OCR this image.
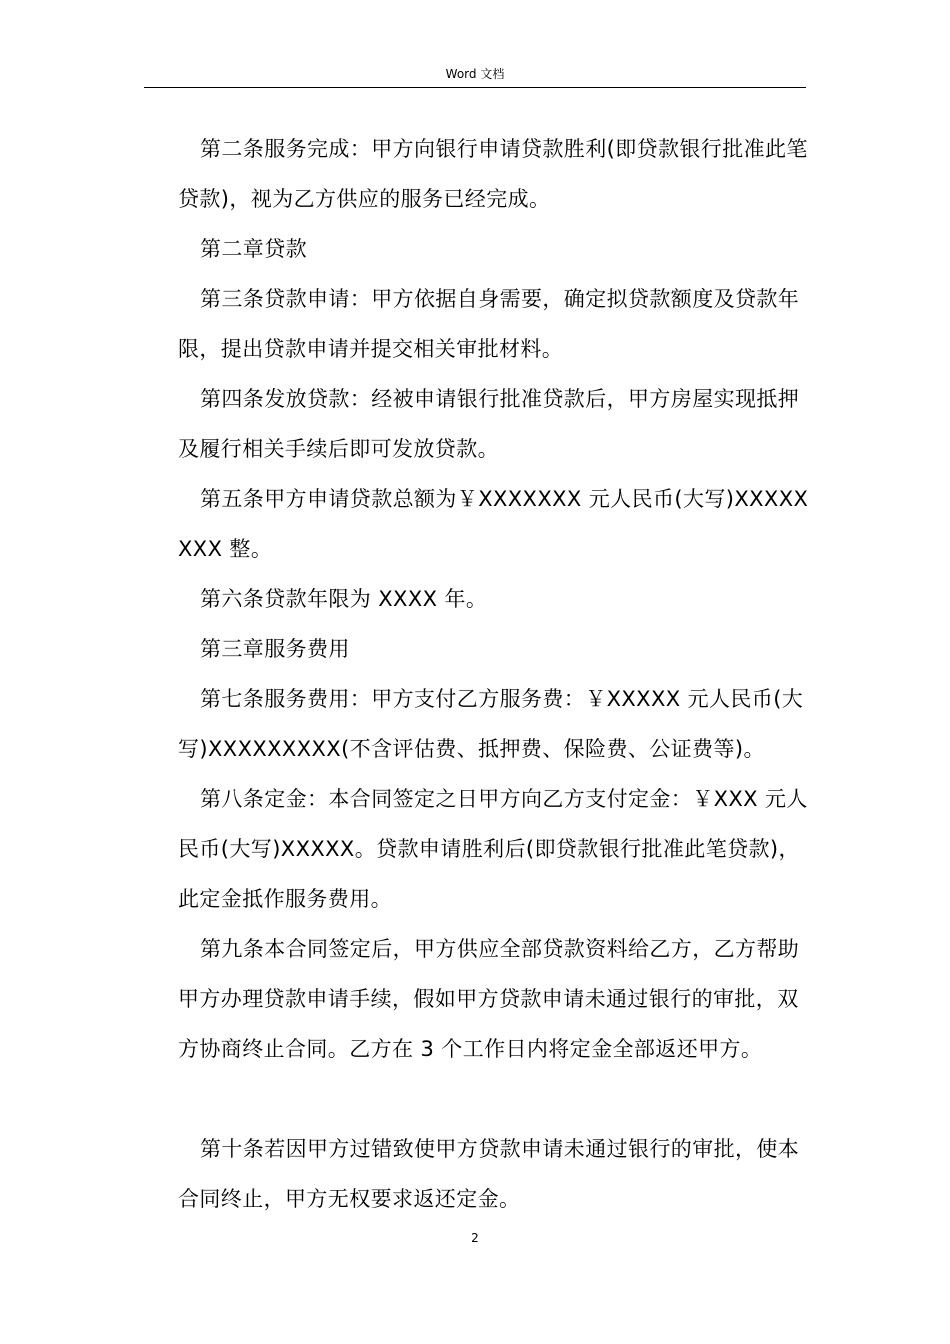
Word 文档

第二条服务完成：甲方向银行申请贷款胜利(即贷款银行批准此笔贷款)，视为乙方供应的服务已经完成。

第二章贷款

第三条贷款申请：甲方依据自身需要，确定拟贷款额度及贷款年限，提出贷款申请并提交相关审批材料。

第四条发放贷款：经被申请银行批准贷款后，甲方房屋实现抵押及履行相关手续后即可发放贷款。

第五条甲方申请贷款总额为￥XXXXXXX 元人民币(大写)XXXXXXXX 整。

第六条贷款年限为 XXXX 年。

第三章服务费用

第七条服务费用：甲方支付乙方服务费：￥XXXXX 元人民币(大写)XXXXXXXXX(不含评估费、抵押费、保险费、公证费等)。

第八条定金：本合同签定之日甲方向乙方支付定金：￥XXX 元人民币(大写)XXXXX。贷款申请胜利后(即贷款银行批准此笔贷款)，此定金抵作服务费用。

第九条本合同签定后，甲方供应全部贷款资料给乙方，乙方帮助甲方办理贷款申请手续，假如甲方贷款申请未通过银行的审批，双方协商终止合同。乙方在 3 个工作日内将定金全部返还甲方。

第十条若因甲方过错致使甲方贷款申请未通过银行的审批，使本合同终止，甲方无权要求返还定金。

2
